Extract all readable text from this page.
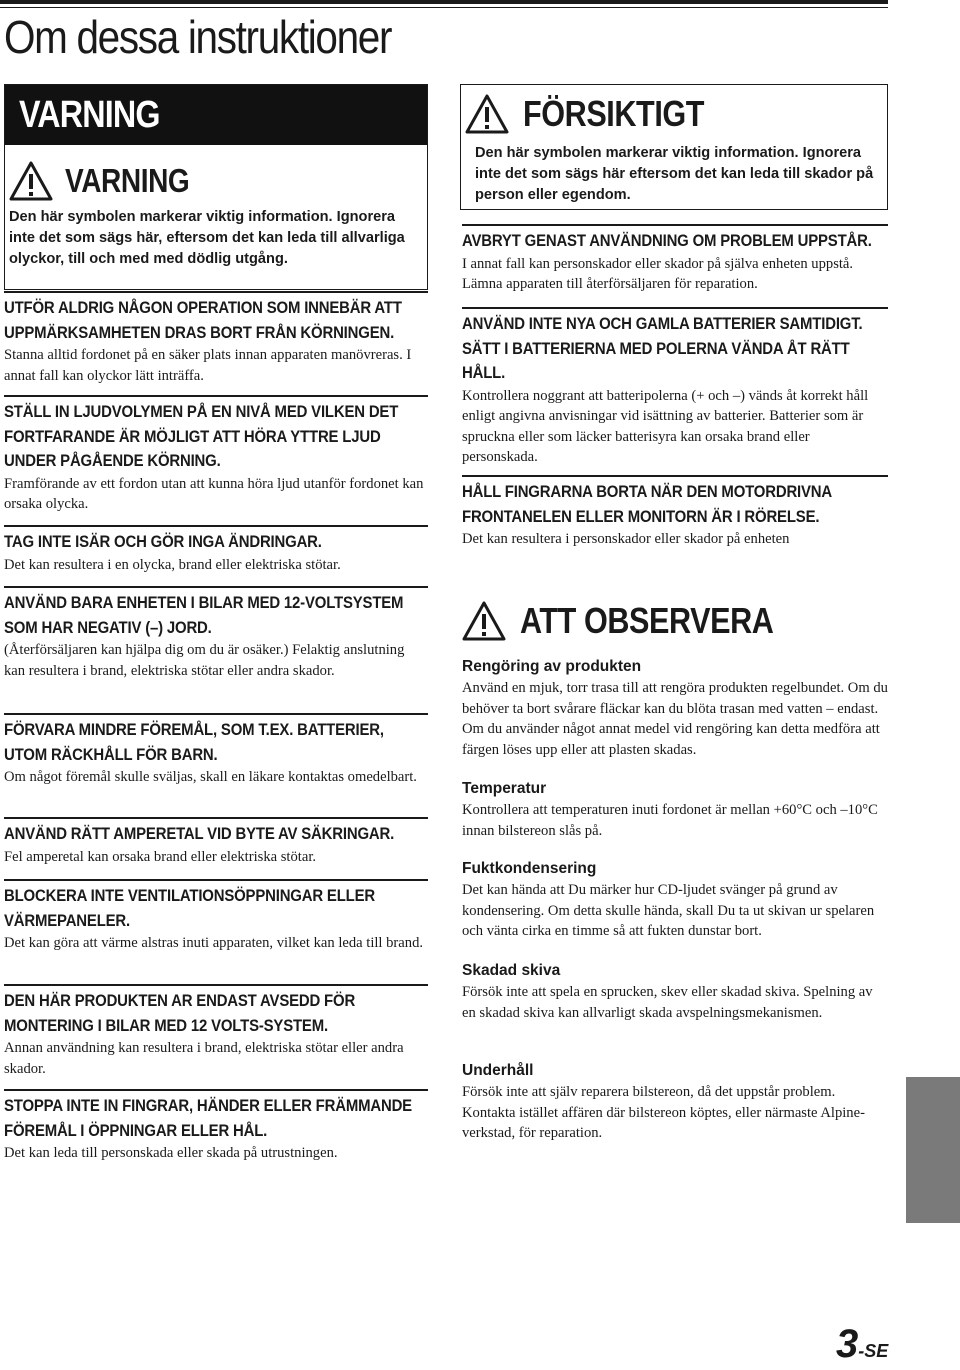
Om dessa instruktioner
VARNING
VARNING
Den här symbolen markerar viktig information. Ignorera inte det som sägs här, eftersom det kan leda till allvarliga olyckor, till och med med dödlig utgång.
UTFÖR ALDRIG NÅGON OPERATION SOM INNEBÄR ATT UPPMÄRKSAMHETEN DRAS BORT FRÅN KÖRNINGEN.
Stanna alltid fordonet på en säker plats innan apparaten manövreras. I annat fall kan olyckor lätt inträffa.
STÄLL IN LJUDVOLYMEN PÅ EN NIVÅ MED VILKEN DET FORTFARANDE ÄR MÖJLIGT ATT HÖRA YTTRE LJUD UNDER PÅGÅENDE KÖRNING.
Framförande av ett fordon utan att kunna höra ljud utanför fordonet kan orsaka olycka.
TAG INTE ISÄR OCH GÖR INGA ÄNDRINGAR.
Det kan resultera i en olycka, brand eller elektriska stötar.
ANVÄND BARA ENHETEN I BILAR MED 12-VOLTSYSTEM SOM HAR NEGATIV (–) JORD.
(Återförsäljaren kan hjälpa dig om du är osäker.) Felaktig anslutning kan resultera i brand, elektriska stötar eller andra skador.
FÖRVARA MINDRE FÖREMÅL, SOM T.EX. BATTERIER, UTOM RÄCKHÅLL FÖR BARN.
Om något föremål skulle sväljas, skall en läkare kontaktas omedelbart.
ANVÄND RÄTT AMPERETAL VID BYTE AV SÄKRINGAR.
Fel amperetal kan orsaka brand eller elektriska stötar.
BLOCKERA INTE VENTILATIONSÖPPNINGAR ELLER VÄRMEPANELER.
Det kan göra att värme alstras inuti apparaten, vilket kan leda till brand.
DEN HÄR PRODUKTEN AR ENDAST AVSEDD FÖR MONTERING I BILAR MED 12 VOLTS-SYSTEM.
Annan användning kan resultera i brand, elektriska stötar eller andra skador.
STOPPA INTE IN FINGRAR, HÄNDER ELLER FRÄMMANDE FÖREMÅL I ÖPPNINGAR ELLER HÅL.
Det kan leda till personskada eller skada på utrustningen.
FÖRSIKTIGT
Den här symbolen markerar viktig information. Ignorera inte det som sägs här eftersom det kan leda till skador på person eller egendom.
AVBRYT GENAST ANVÄNDNING OM PROBLEM UPPSTÅR.
I annat fall kan personskador eller skador på själva enheten uppstå. Lämna apparaten till återförsäljaren för reparation.
ANVÄND INTE NYA OCH GAMLA BATTERIER SAMTIDIGT. SÄTT I BATTERIERNA MED POLERNA VÄNDA ÅT RÄTT HÅLL.
Kontrollera noggrant att batteripolerna (+ och –) vänds åt korrekt håll enligt angivna anvisningar vid isättning av batterier. Batterier som är spruckna eller som läcker batterisyra kan orsaka brand eller personskada.
HÅLL FINGRARNA BORTA NÄR DEN MOTORDRIVNA FRONTANELEN ELLER MONITORN ÄR I RÖRELSE.
Det kan resultera i personskador eller skador på enheten
ATT OBSERVERA
Rengöring av produkten
Använd en mjuk, torr trasa till att rengöra produkten regelbundet. Om du behöver ta bort svårare fläckar kan du blöta trasan med vatten – endast. Om du använder något annat medel vid rengöring kan detta medföra att färgen löses upp eller att plasten skadas.
Temperatur
Kontrollera att temperaturen inuti fordonet är mellan +60°C och –10°C innan bilstereon slås på.
Fuktkondensering
Det kan hända att Du märker hur CD-ljudet svänger på grund av kondensering. Om detta skulle hända, skall Du ta ut skivan ur spelaren och vänta cirka en timme så att fukten dunstar bort.
Skadad skiva
Försök inte att spela en sprucken, skev eller skadad skiva. Spelning av en skadad skiva kan allvarligt skada avspelningsmekanismen.
Underhåll
Försök inte att själv reparera bilstereon, då det uppstår problem. Kontakta istället affären där bilstereon köptes, eller närmaste Alpine-verkstad, för reparation.
3-SE
